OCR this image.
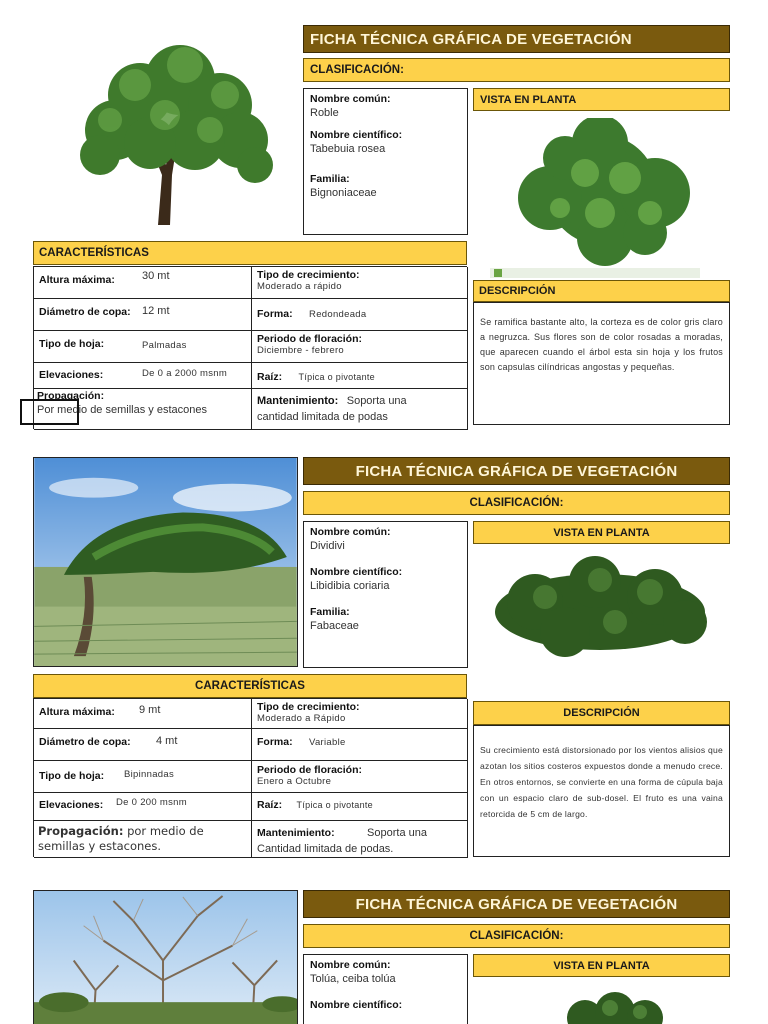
FICHA TÉCNICA GRÁFICA DE VEGETACIÓN
CLASIFICACIÓN:
Nombre común:
Roble
Nombre científico:
Tabebuia rosea
Familia:
Bignoniaceae
VISTA EN PLANTA
CARACTERÍSTICAS
Altura máxima: 30 mt	Tipo de crecimiento:
Moderado a rápido
Diámetro de copa: 12 mt	Forma: Redondeada
Tipo de hoja:	Palmadas
Periodo de floración:
Diciembre - febrero
Elevaciones:	De 0 a 2000 msnm	Raíz: Típica o pivotante
Propagación:
Por medio de semillas y estacones
Mantenimiento: Soporta una
cantidad limitada de podas
DESCRIPCIÓN
Se ramifica bastante alto, la corteza es de color gris claro a negruzca. Sus flores son de color rosadas a moradas, que aparecen cuando el árbol esta sin hoja y los frutos son capsulas cilíndricas angostas y pequeñas.
FICHA TÉCNICA GRÁFICA DE VEGETACIÓN
CLASIFICACIÓN:
Nombre común:
Dividivi
Nombre científico:
Libidibia coriaria
Familia:
Fabaceae
VISTA EN PLANTA
CARACTERÍSTICAS
Altura máxima: 9 mt	Tipo de crecimiento:
Moderado a Rápido
Diámetro de copa: 4 mt	Forma: Variable
Tipo de hoja: Bipinnadas	Periodo de floración:
Enero a Octubre
Elevaciones: De 0 200 msnm	Raíz: Típica o pivotante
Propagación: por medio de
semillas y estacones.
Mantenimiento:	Soporta una
Cantidad limitada de podas.
DESCRIPCIÓN
Su crecimiento está distorsionado por los vientos alisios que azotan los sitios costeros expuestos donde a menudo crece. En otros entornos, se convierte en una forma de cúpula baja con un espacio claro de sub-dosel. El fruto es una vaina retorcida de 5 cm de largo.
FICHA TÉCNICA GRÁFICA DE VEGETACIÓN
CLASIFICACIÓN:
Nombre común:
Tolúa, ceiba tolúa
Nombre científico:
VISTA EN PLANTA
